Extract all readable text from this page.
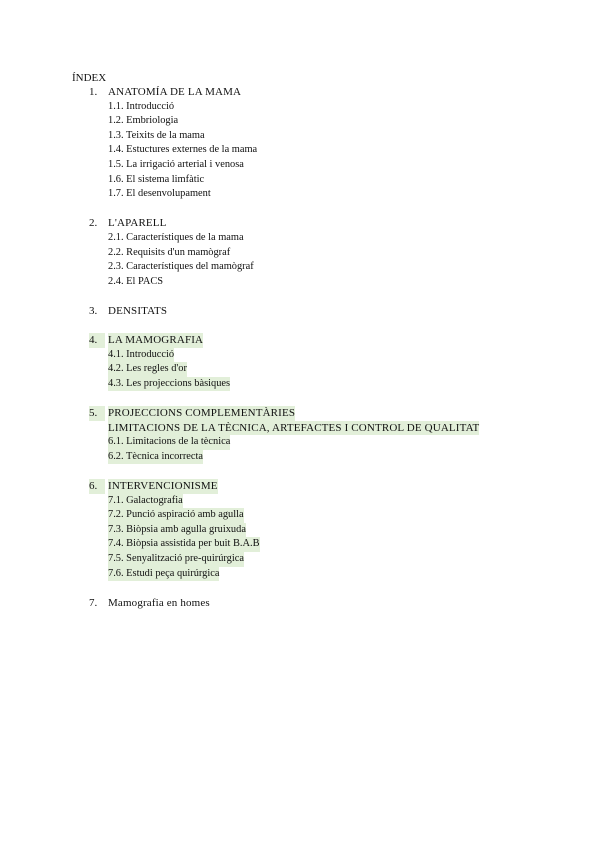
ÍNDEX
1. ANATOMÍA DE LA MAMA
1.1. Introducció
1.2. Embriologia
1.3. Teixits de la mama
1.4. Estuctures externes de la mama
1.5. La irrigació arterial i venosa
1.6. El sistema limfàtic
1.7. El desenvolupament
2. L'APARELL
2.1. Característiques de la mama
2.2. Requisits d'un mamògraf
2.3. Característiques del mamògraf
2.4. El PACS
3. DENSITATS
4. LA MAMOGRAFIA
4.1. Introducció
4.2. Les regles d'or
4.3. Les projeccions bàsiques
5. PROJECCIONS COMPLEMENTÀRIES
LIMITACIONS DE LA TÈCNICA, ARTEFACTES I CONTROL DE QUALITAT
6.1. Limitacions de la tècnica
6.2. Tècnica incorrecta
6. INTERVENCIONISME
7.1. Galactografia
7.2. Punció aspiració amb agulla
7.3. Biòpsia amb agulla gruixuda
7.4. Biòpsia assistida per buit B.A.B
7.5. Senyalització pre-quirúrgica
7.6. Estudi peça quirúrgica
7. Mamografia en homes
